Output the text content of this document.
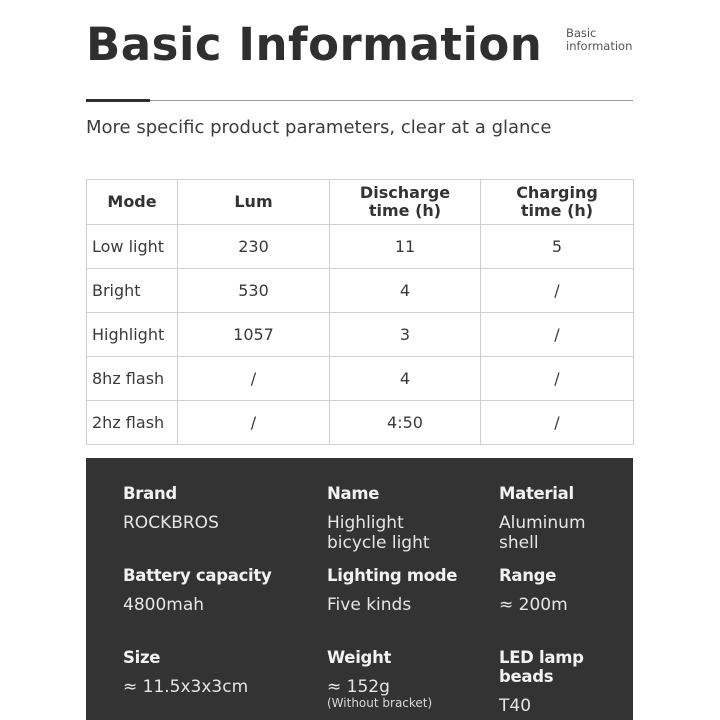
Basic Information Basic
information
More specific product parameters, clear at a glance
Mode	Lum	Discharge time (h)	Charging time (h)
Low light	230	11	5
Bright	530	4	/
Highlight	1057	3	/
8hz flash	/	4	/
2hz flash	/	4:50	/
Brand
ROCKBROS
Name
Highlight
bicycle light
Material
Aluminum
shell
Battery capacity
4800mah
Lighting mode
Five kinds
Range
≈ 200m
Size
≈ 11.5x3x3cm
Weight
≈ 152g
(Without bracket)
LED lamp beads
T40
